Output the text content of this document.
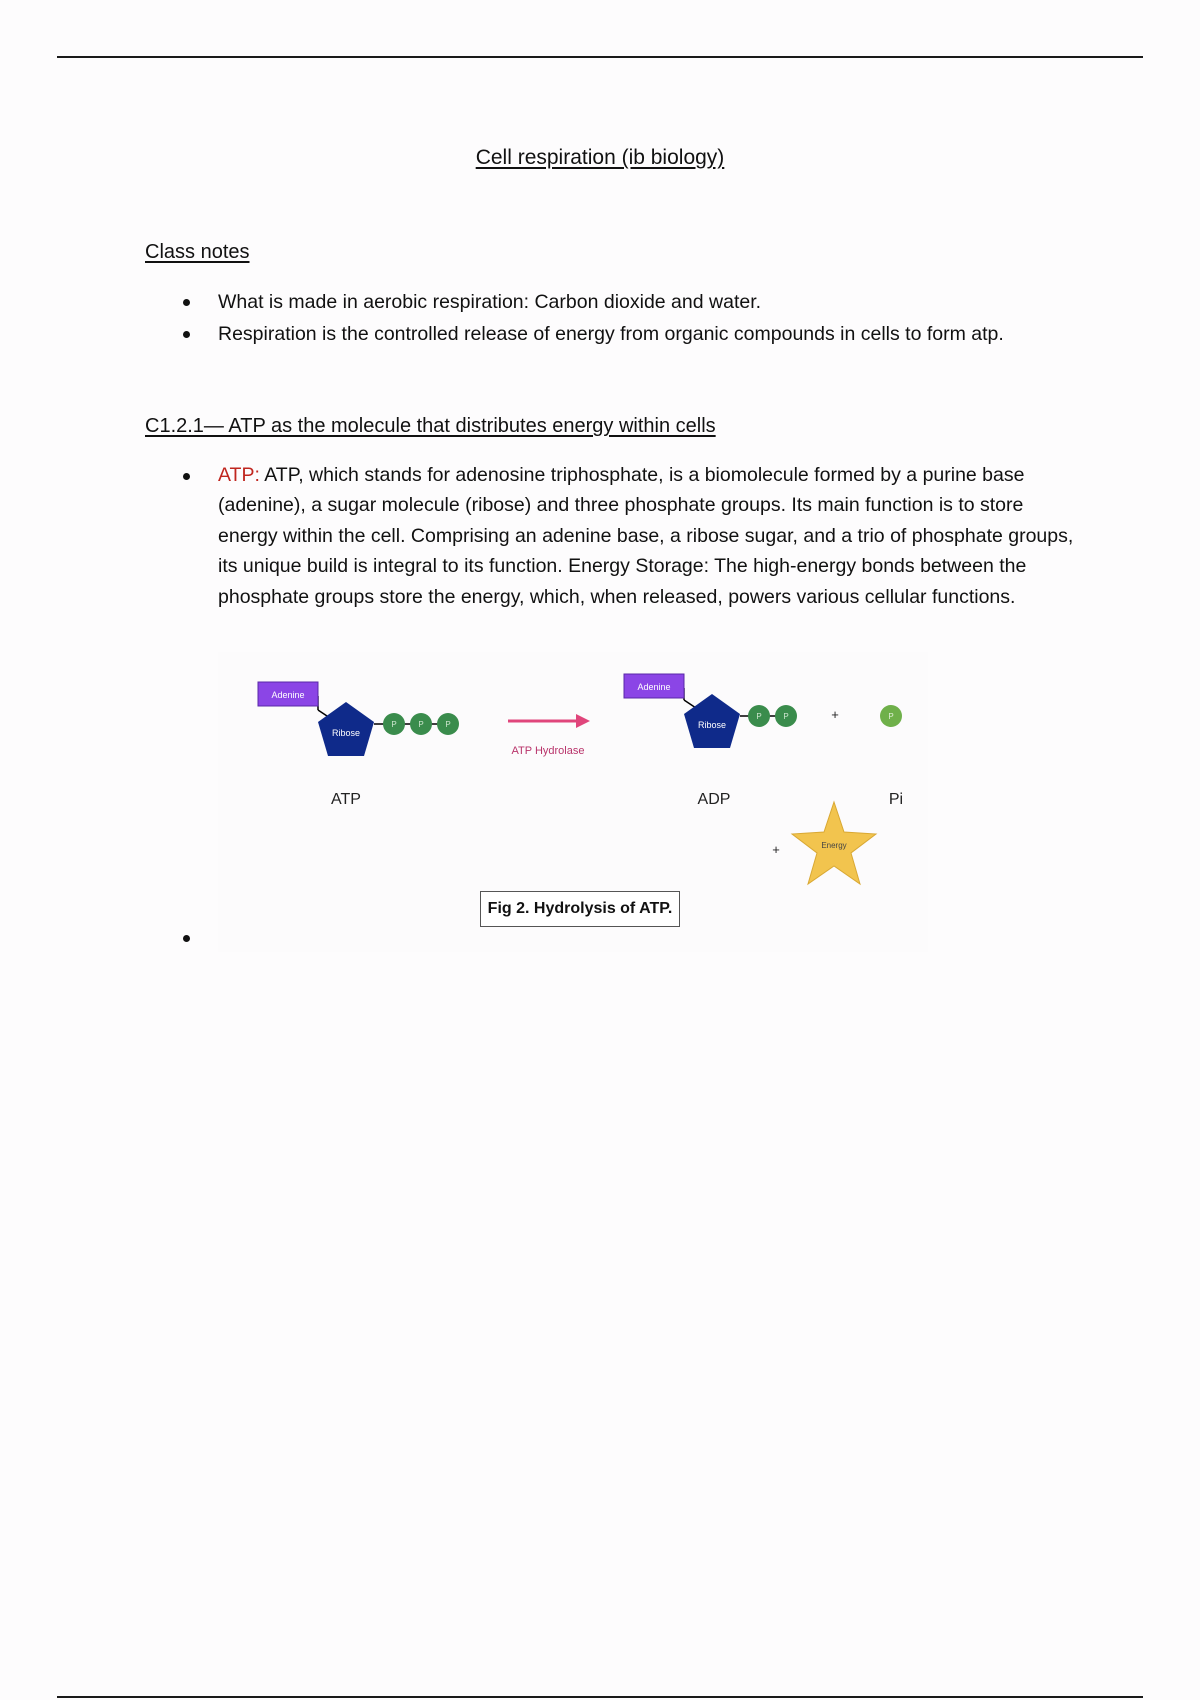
Cell respiration (ib biology)
Class notes
What is made in aerobic respiration: Carbon dioxide and water.
Respiration is the controlled release of energy from organic compounds in cells to form atp.
C1.2.1— ATP as the molecule that distributes energy within cells
ATP: ATP, which stands for adenosine triphosphate, is a biomolecule formed by a purine base (adenine), a sugar molecule (ribose) and three phosphate groups. Its main function is to store energy within the cell. Comprising an adenine base, a ribose sugar, and a trio of phosphate groups, its unique build is integral to its function. Energy Storage: The high-energy bonds between the phosphate groups store the energy, which, when released, powers various cellular functions.
Adenine
Ribose
P	P	P
ATP
ATP Hydrolase
Adenine
Ribose
P	P
ADP
+	P
Pi
+	Energy
Fig 2. Hydrolysis of ATP.
